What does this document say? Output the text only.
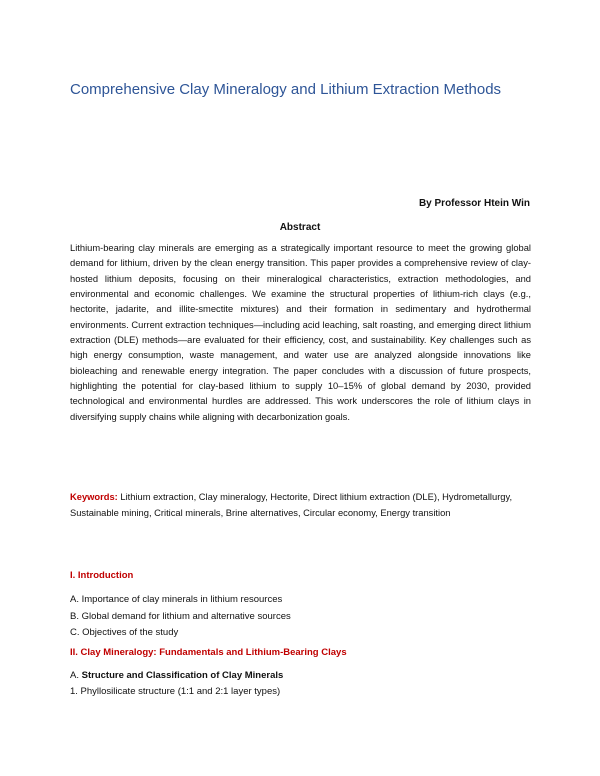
Comprehensive Clay Mineralogy and Lithium Extraction Methods
By Professor Htein Win
Abstract

Lithium-bearing clay minerals are emerging as a strategically important resource to meet the growing global demand for lithium, driven by the clean energy transition. This paper provides a comprehensive review of clay-hosted lithium deposits, focusing on their mineralogical characteristics, extraction methodologies, and environmental and economic challenges. We examine the structural properties of lithium-rich clays (e.g., hectorite, jadarite, and illite-smectite mixtures) and their formation in sedimentary and hydrothermal environments. Current extraction techniques—including acid leaching, salt roasting, and emerging direct lithium extraction (DLE) methods—are evaluated for their efficiency, cost, and sustainability. Key challenges such as high energy consumption, waste management, and water use are analyzed alongside innovations like bioleaching and renewable energy integration. The paper concludes with a discussion of future prospects, highlighting the potential for clay-based lithium to supply 10–15% of global demand by 2030, provided technological and environmental hurdles are addressed. This work underscores the role of lithium clays in diversifying supply chains while aligning with decarbonization goals.

Keywords: Lithium extraction, Clay mineralogy, Hectorite, Direct lithium extraction (DLE), Hydrometallurgy, Sustainable mining, Critical minerals, Brine alternatives, Circular economy, Energy transition

I. Introduction
A. Importance of clay minerals in lithium resources
B. Global demand for lithium and alternative sources
C. Objectives of the study
II. Clay Mineralogy: Fundamentals and Lithium-Bearing Clays
A. Structure and Classification of Clay Minerals
1. Phyllosilicate structure (1:1 and 2:1 layer types)
